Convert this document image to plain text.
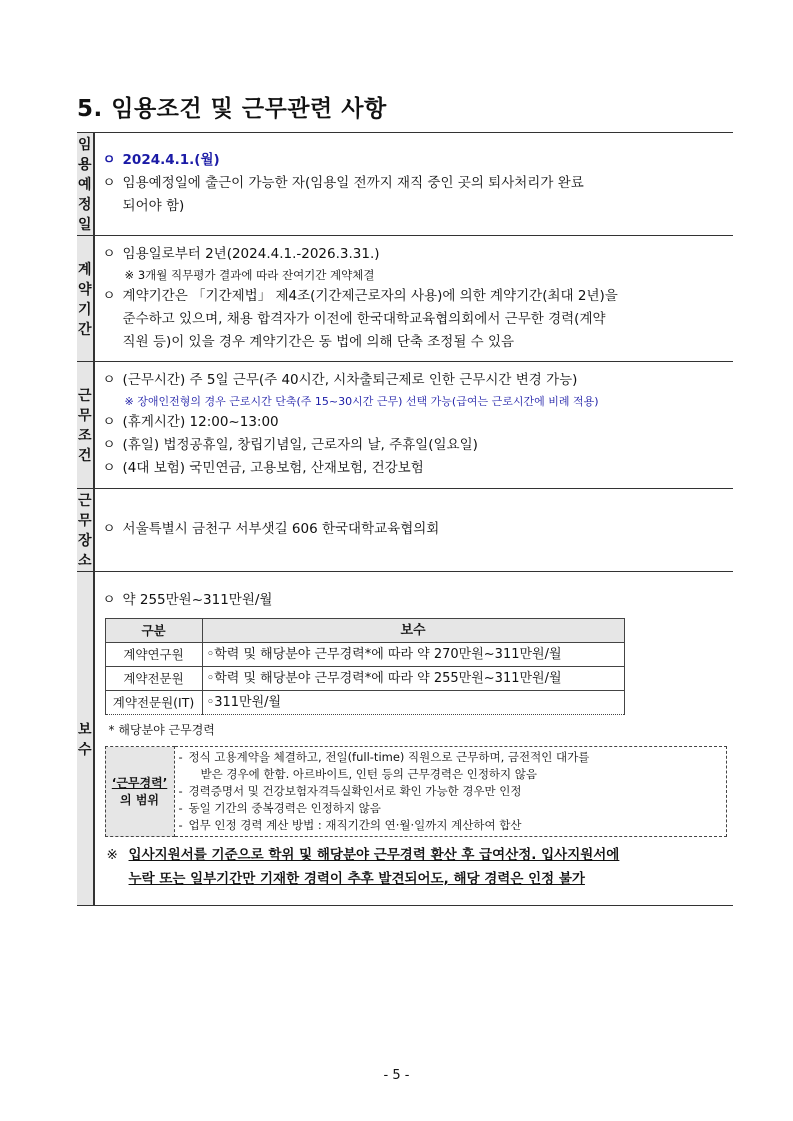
5. 임용조건 및 근무관련 사항
임용예정일	
ㅇ 2024.4.1.(월)
ㅇ 임용예정일에 출근이 가능한 자(임용일 전까지 재직 중인 곳의 퇴사처리가 완료
되어야 함)

계약기간	
ㅇ 임용일로부터 2년(2024.4.1.-2026.3.31.)
※ 3개월 직무평가 결과에 따라 잔여기간 계약체결
ㅇ 계약기간은 「기간제법」 제4조(기간제근로자의 사용)에 의한 계약기간(최대 2년)을
준수하고 있으며, 채용 합격자가 이전에 한국대학교육협의회에서 근무한 경력(계약
직원 등)이 있을 경우 계약기간은 동 법에 의해 단축 조정될 수 있음

근무조건	
ㅇ (근무시간) 주 5일 근무(주 40시간, 시차출퇴근제로 인한 근무시간 변경 가능)
※ 장애인전형의 경우 근로시간 단축(주 15~30시간 근무) 선택 가능(급여는 근로시간에 비례 적용)
ㅇ (휴게시간) 12:00~13:00
ㅇ (휴일) 법정공휴일, 창립기념일, 근로자의 날, 주휴일(일요일)
ㅇ (4대 보험) 국민연금, 고용보험, 산재보험, 건강보험

근무장소	
ㅇ 서울특별시 금천구 서부샛길 606 한국대학교육협의회

보수	
ㅇ 약 255만원~311만원/월
구분	보수
계약연구원	◦학력 및 해당분야 근무경력*에 따라 약 270만원~311만원/월
계약전문원	◦학력 및 해당분야 근무경력*에 따라 약 255만원~311만원/월
계약전문원(IT)	◦311만원/월
* 해당분야 근무경력
‘근무경력’
의 범위

- 정식 고용계약을 체결하고, 전일(full-time) 직원으로 근무하며, 금전적인 대가를
받은 경우에 한함. 아르바이트, 인턴 등의 근무경력은 인정하지 않음
- 경력증명서 및 건강보험자격득실확인서로 확인 가능한 경우만 인정
- 동일 기간의 중복경력은 인정하지 않음
- 업무 인정 경력 계산 방법 : 재직기간의 연·월·일까지 계산하여 합산
※ 입사지원서를 기준으로 학위 및 해당분야 근무경력 환산 후 급여산정. 입사지원서에
누락 또는 일부기간만 기재한 경력이 추후 발견되어도, 해당 경력은 인정 불가
- 5 -
